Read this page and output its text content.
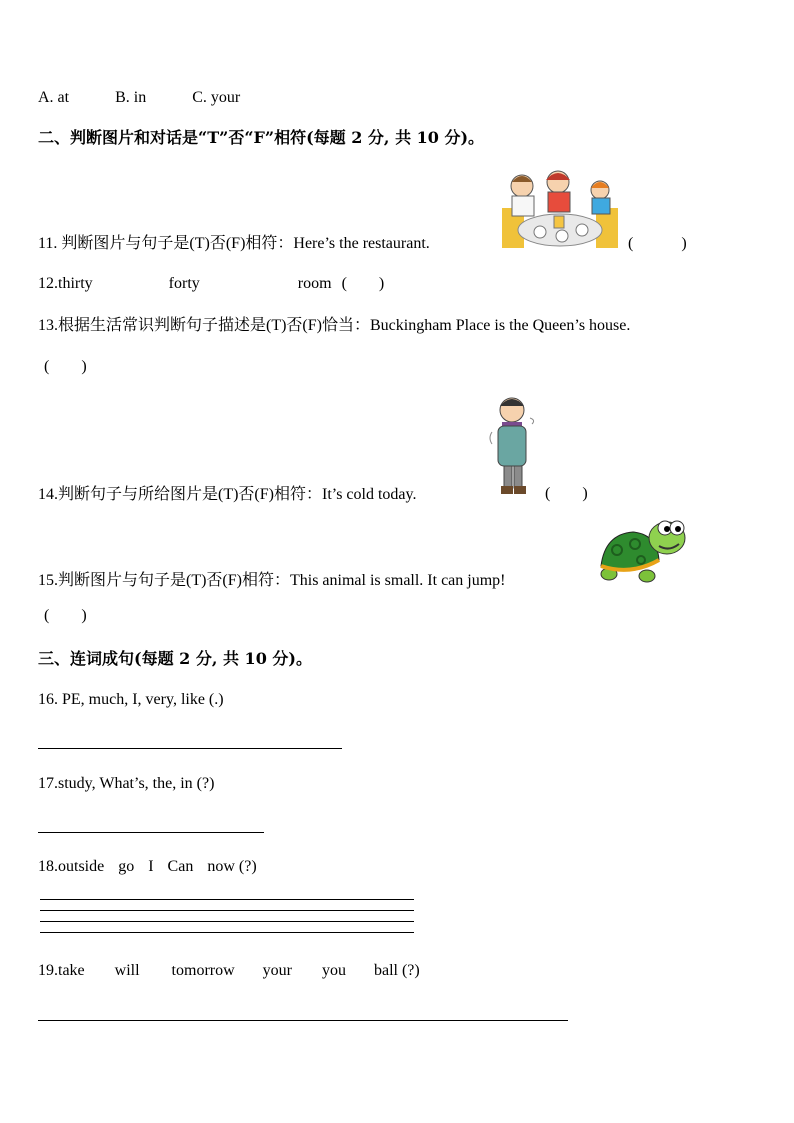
A. at	B. in	C. your
二、判断图片和对话是“T”否“F”相符(每题 2 分, 共 10 分)。
11. 判断图片与句子是(T)否(F)相符：Here’s the restaurant.	(　　　)
12.thirty	forty	room (　　)
13.根据生活常识判断句子描述是(T)否(F)恰当：Buckingham Place is the Queen’s house.
(　　)
14.判断句子与所给图片是(T)否(F)相符：It’s cold today.	(　　)
15.判断图片与句子是(T)否(F)相符：This animal is small. It can jump!
(　　)
三、连词成句(每题 2 分, 共 10 分)。
16. PE, much, I, very, like (.)
17.study, What’s, the, in (?)
18.outside go I Can now (?)
19.take will tomorrow your you ball (?)
